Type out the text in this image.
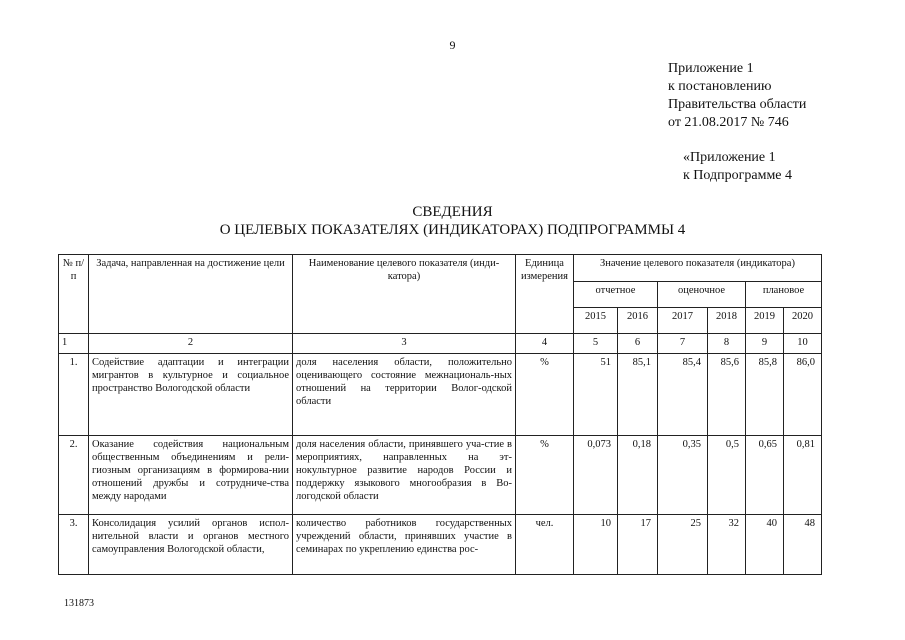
9
Приложение 1
к постановлению
Правительства области
от 21.08.2017 № 746
«Приложение 1
к Подпрограмме 4
СВЕДЕНИЯ
О ЦЕЛЕВЫХ ПОКАЗАТЕЛЯХ (ИНДИКАТОРАХ) ПОДПРОГРАММЫ 4
№ п/п	Задача, направленная на достижение цели	Наименование целевого показателя (инди-катора)	Единица измерения	Значение целевого показателя (индикатора)					
				отчетное		оценочное		плановое	
				2015	2016	2017	2018	2019	2020
1	2	3	4	5	6	7	8	9	10
1.	Содействие адаптации и интеграции мигрантов в культурное и социальное пространство Вологодской области	доля населения области, положительно оценивающего состояние межнациональ-ных отношений на территории Волог-одской области	%	51	85,1	85,4	85,6	85,8	86,0
2.	Оказание содействия национальным общественным объединениям и рели-гиозным организациям в формирова-нии отношений дружбы и сотрудниче-ства между народами	доля населения области, принявшего уча-стие в мероприятиях, направленных на эт-нокультурное развитие народов России и поддержку языкового многообразия в Во-логодской области	%	0,073	0,18	0,35	0,5	0,65	0,81
3.	Консолидация усилий органов испол-нительной власти и органов местного самоуправления Вологодской области,	количество работников государственных учреждений области, принявших участие в семинарах по укреплению единства рос-	чел.	10	17	25	32	40	48
131873
